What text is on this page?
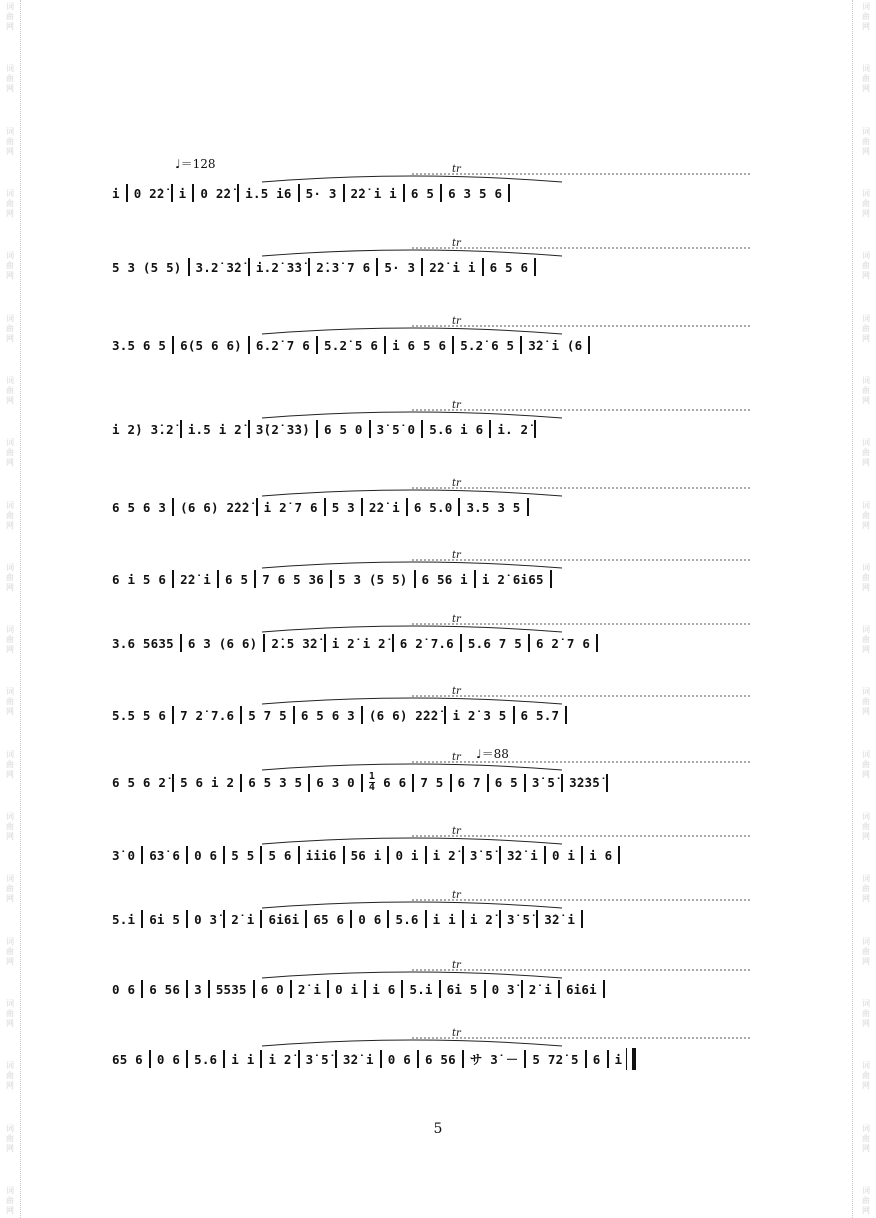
词
曲
网
词
曲
网
词
曲
网
词
曲
网
词
曲
网
词
曲
网
词
曲
网
词
曲
网
词
曲
网
词
曲
网
词
曲
网
词
曲
网
词
曲
网
词
曲
网
词
曲
网
词
曲
网
词
曲
网
词
曲
网
词
曲
网
词
曲
网
词
曲
网
词
曲
网
词
曲
网
词
曲
网
词
曲
网
词
曲
网
词
曲
网
词
曲
网
词
曲
网
词
曲
网
词
曲
网
词
曲
网
词
曲
网
词
曲
网
词
曲
网
词
曲
网
词
曲
网
词
曲
网
词
曲
网
词
曲
网
♩＝128
♩＝88
tr
i 0 2̇2̇ i 0 2̇2̇ i.5 i6 5· 3 2̇2̇ i i 6 5 6 3 5 6
tr
5 3 (5 5) 3.2̇ 3̇2̇ i.2̇ 3̇3̇ 2̇.3̇ 7 6 5· 3 2̇2̇ i i 6 5 6
tr
3.5 6 5 6(5 6 6) 6.2̇ 7 6 5.2̇ 5 6 i 6 5 6 5.2̇ 6 5 3̇2̇ i (6
tr
i 2̇) 3̇.2̇ i.5 i 2̇ 3̇(2̇ 3̇3̇) 6 5 0 3̇ 5̇ 0 5.6 i 6 i. 2̇
tr
6 5 6 3 (6 6) 2̇2̇2̇ i 2̇ 7 6 5 3 2̇2̇ i 6 5.0 3.5 3 5
tr
6 i 5 6 2̇2̇ i 6 5 7 6 5 36 5 3 (5 5) 6 56 i i 2̇ 6i65
tr
3.6 5635 6 3 (6 6) 2̇.5 3̇2̇ i 2̇ i 2̇ 6 2̇ 7.6 5.6 7 5 6 2̇ 7 6
tr
5.5 5 6 7 2̇ 7.6 5 7 5 6 5 6 3 (6 6) 2̇2̇2̇ i 2̇ 3 5 6 5.7
tr
6 5 6 2̇ 5 6 i 2 6 5 3 5 6 3 0 1
4 6 6 7 5 6 7 6 5 3̇ 5̇ 3̇2̇3̇5̇
tr
3̇ 0 63̇ 6 0 6 5 5 5 6 iii6 56 i 0 i i 2̇ 3̇ 5̇ 3̇2̇ i 0 i i 6
tr
5.i 6i 5 0 3̇ 2̇ i 6i6i 65 6 0 6 5.6 i i i 2̇ 3̇ 5̇ 3̇2̇ i
tr
0 6 6 56 3 5535 6 0 2̇ i 0 i i 6 5.i 6i 5 0 3̇ 2̇ i 6i6i
tr
65 6 0 6 5.6 i i i 2̇ 3̇ 5̇ 3̇2̇ i 0 6 6 56 サ 3̇ － 5 72̇ 5 6 i
5
